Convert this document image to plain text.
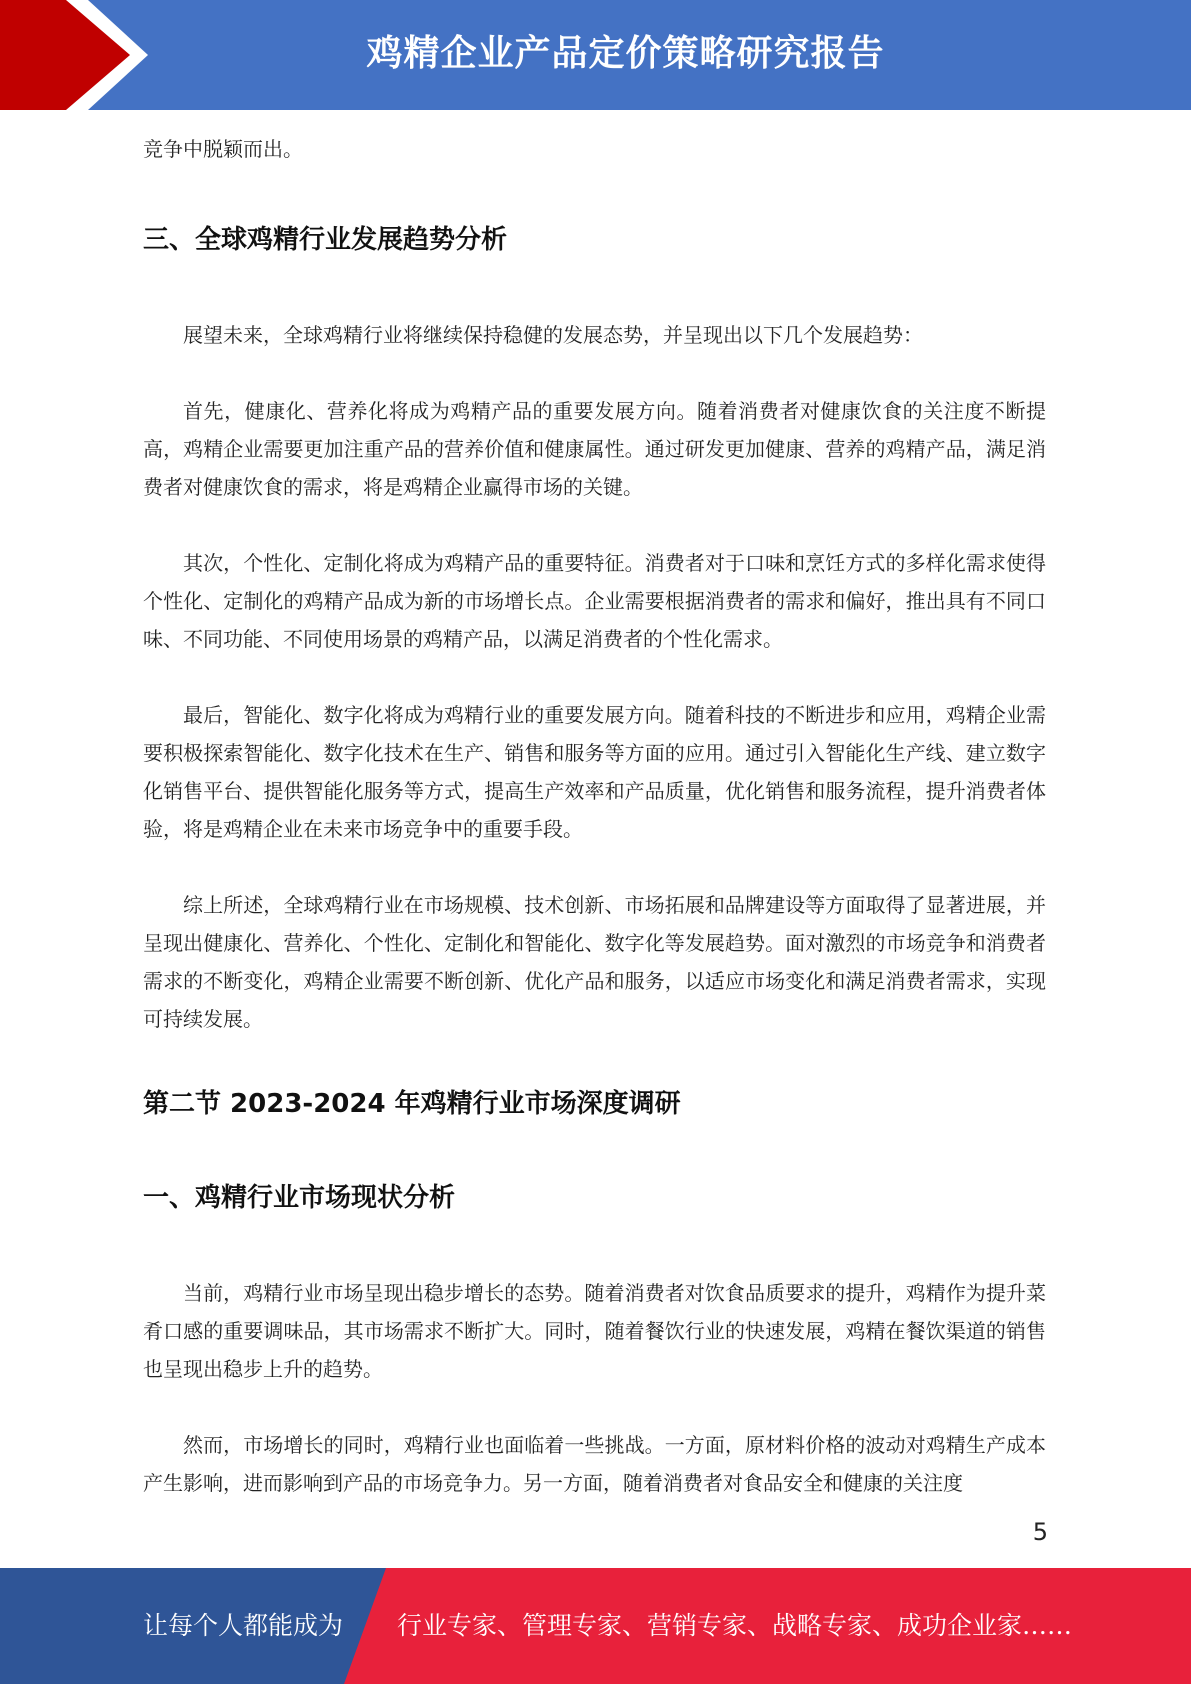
鸡精企业产品定价策略研究报告

竞争中脱颖而出。

三、全球鸡精行业发展趋势分析

展望未来，全球鸡精行业将继续保持稳健的发展态势，并呈现出以下几个发展趋势：

首先，健康化、营养化将成为鸡精产品的重要发展方向。随着消费者对健康饮食的关注度不断提高，鸡精企业需要更加注重产品的营养价值和健康属性。通过研发更加健康、营养的鸡精产品，满足消费者对健康饮食的需求，将是鸡精企业赢得市场的关键。

其次，个性化、定制化将成为鸡精产品的重要特征。消费者对于口味和烹饪方式的多样化需求使得个性化、定制化的鸡精产品成为新的市场增长点。企业需要根据消费者的需求和偏好，推出具有不同口味、不同功能、不同使用场景的鸡精产品，以满足消费者的个性化需求。

最后，智能化、数字化将成为鸡精行业的重要发展方向。随着科技的不断进步和应用，鸡精企业需要积极探索智能化、数字化技术在生产、销售和服务等方面的应用。通过引入智能化生产线、建立数字化销售平台、提供智能化服务等方式，提高生产效率和产品质量，优化销售和服务流程，提升消费者体验，将是鸡精企业在未来市场竞争中的重要手段。

综上所述，全球鸡精行业在市场规模、技术创新、市场拓展和品牌建设等方面取得了显著进展，并呈现出健康化、营养化、个性化、定制化和智能化、数字化等发展趋势。面对激烈的市场竞争和消费者需求的不断变化，鸡精企业需要不断创新、优化产品和服务，以适应市场变化和满足消费者需求，实现可持续发展。

第二节 2023-2024 年鸡精行业市场深度调研
一、鸡精行业市场现状分析

当前，鸡精行业市场呈现出稳步增长的态势。随着消费者对饮食品质要求的提升，鸡精作为提升菜肴口感的重要调味品，其市场需求不断扩大。同时，随着餐饮行业的快速发展，鸡精在餐饮渠道的销售也呈现出稳步上升的趋势。

然而，市场增长的同时，鸡精行业也面临着一些挑战。一方面，原材料价格的波动对鸡精生产成本产生影响，进而影响到产品的市场竞争力。另一方面，随着消费者对食品安全和健康的关注度

5
让每个人都能成为 行业专家、管理专家、营销专家、战略专家、成功企业家……
